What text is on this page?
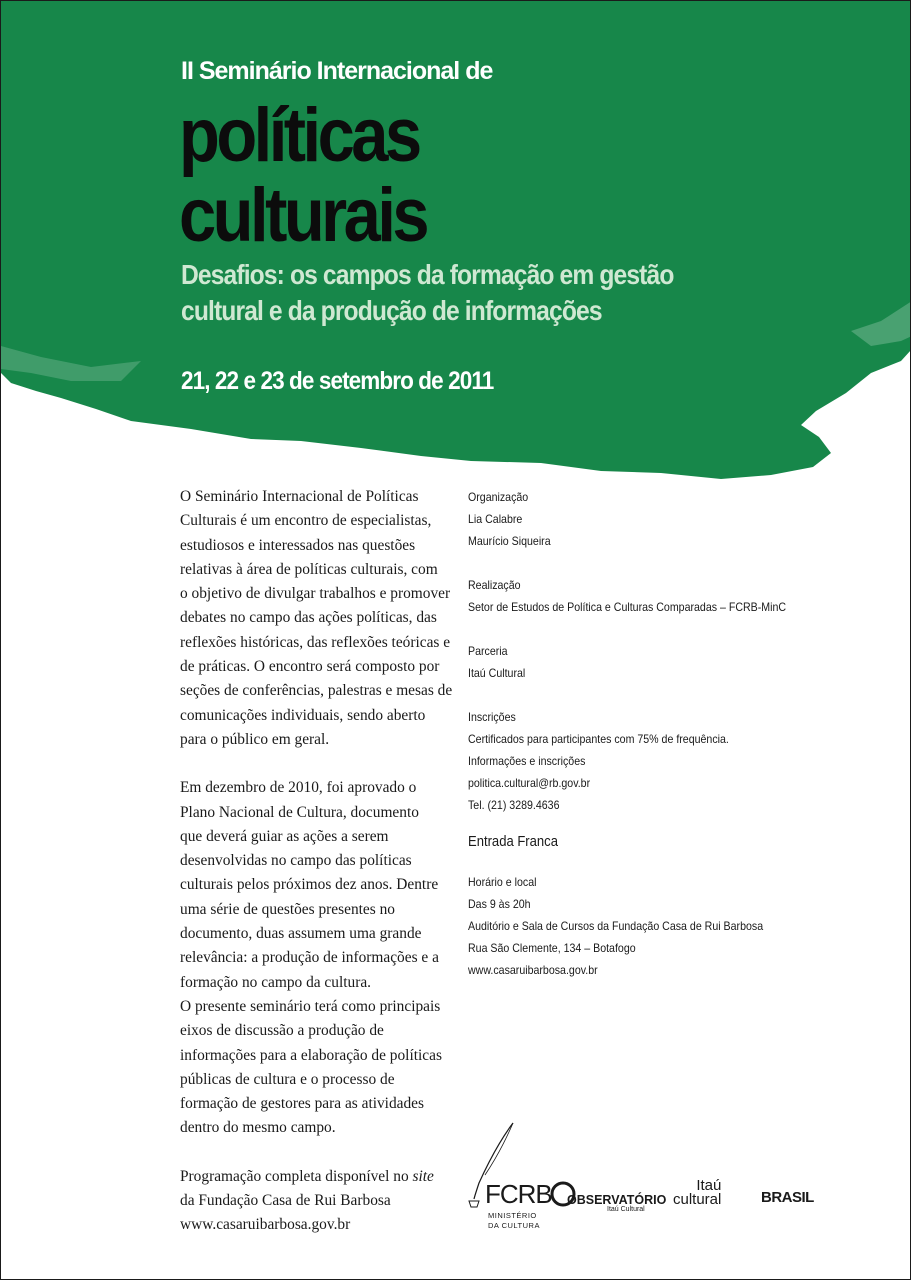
II Seminário Internacional de
políticas
culturais
Desafios: os campos da formação em gestão
cultural e da produção de informações
21, 22 e 23 de setembro de 2011

O Seminário Internacional de Políticas

Culturais é um encontro de especialistas,

estudiosos e interessados nas questões

relativas à área de políticas culturais, com

o objetivo de divulgar trabalhos e promover

debates no campo das ações políticas, das

reflexões históricas, das reflexões teóricas e

de práticas. O encontro será composto por

seções de conferências, palestras e mesas de

comunicações individuais, sendo aberto

para o público em geral.

Em dezembro de 2010, foi aprovado o

Plano Nacional de Cultura, documento

que deverá guiar as ações a serem

desenvolvidas no campo das políticas

culturais pelos próximos dez anos. Dentre

uma série de questões presentes no

documento, duas assumem uma grande

relevância: a produção de informações e a

formação no campo da cultura.

O presente seminário terá como principais

eixos de discussão a produção de

informações para a elaboração de políticas

públicas de cultura e o processo de

formação de gestores para as atividades

dentro do mesmo campo.

Programação completa disponível no site

da Fundação Casa de Rui Barbosa

www.casaruibarbosa.gov.br

Organização
Lia Calabre
Maurício Siqueira
Realização
Setor de Estudos de Política e Culturas Comparadas – FCRB-MinC
Parceria
Itaú Cultural
Inscrições
Certificados para participantes com 75% de frequência.
Informações e inscrições
politica.cultural@rb.gov.br
Tel. (21) 3289.4636
Entrada Franca
Horário e local
Das 9 às 20h
Auditório e Sala de Cursos da Fundação Casa de Rui Barbosa
Rua São Clemente, 134 – Botafogo
www.casaruibarbosa.gov.br
FCRB
MINISTÉRIO
DA CULTURA
OBSERVATÓRIO
Itaú Cultural
Itaú
cultural	BRASIL
